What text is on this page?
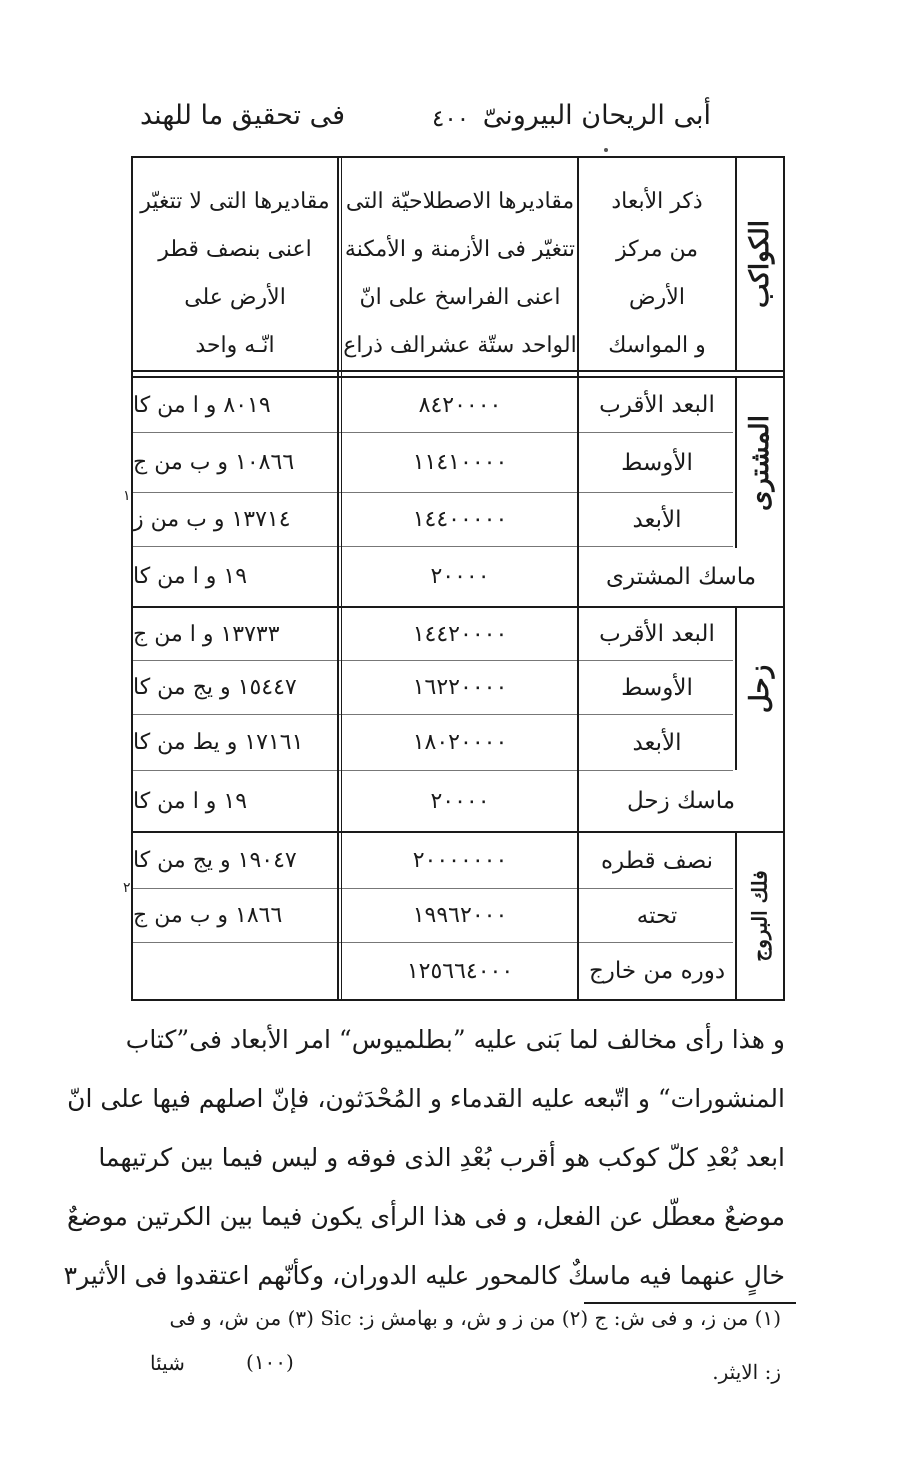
أبى الريحان البيرونىّ
٤٠٠
فى تحقيق ما للهند
الكواكب
ذكر الأبعاد
من مركز
الأرض
و المواسك
مقاديرها الاصطلاحيّة التى
تتغيّر فى الأزمنة و الأمكنة
اعنى الفراسخ على انّ
الواحد ستّة عشرالف ذراع
مقاديرها التى لا تتغيّر
اعنى بنصف قطر
الأرض على
انّـه واحد
المشترى
زحل
فلك البروج
البعد الأقرب
٨٤٢٠٠٠٠
٨٠١٩ و ا من كا
الأوسط
١١٤١٠٠٠٠
١٠٨٦٦ و ب من ج
الأبعد
١٤٤٠٠٠٠٠
١٣٧١٤ و ب من ز
١
ماسك المشترى
٢٠٠٠٠
١٩ و ا من كا
البعد الأقرب
١٤٤٢٠٠٠٠
١٣٧٣٣ و ا من ج
الأوسط
١٦٢٢٠٠٠٠
١٥٤٤٧ و يج من كا
الأبعد
١٨٠٢٠٠٠٠
١٧١٦١ و يط من كا
ماسك زحل
٢٠٠٠٠
١٩ و ا من كا
نصف قطره
٢٠٠٠٠٠٠٠
١٩٠٤٧ و يج من كا
تحته
١٩٩٦٢٠٠٠
١٨٦٦ و ب من ج
٢
دوره من خارج
١٢٥٦٦٤٠٠٠
و هذا رأى مخالف لما بَنى عليه ”بطلميوس“ امر الأبعاد فى”كتاب
المنشورات“ و اتّبعه عليه القدماء و المُحْدَثون، فإنّ اصلهم فيها على انّ
ابعد بُعْدِ كلّ كوكب هو أقرب بُعْدِ الذى فوقه و ليس فيما بين كرتيهما
موضعٌ معطّل عن الفعل، و فى هذا الرأى يكون فيما بين الكرتين موضعٌ
خالٍ عنهما فيه ماسكٌ كالمحور عليه الدوران، وكأنّهم اعتقدوا فى الأثير٣
(١) من ز، و فى ش: ج (٢) من ز و ش، و بهامش ز: Sic (٣) من ش، و فى
ز: الايثر.
(١٠٠)
شيئا
